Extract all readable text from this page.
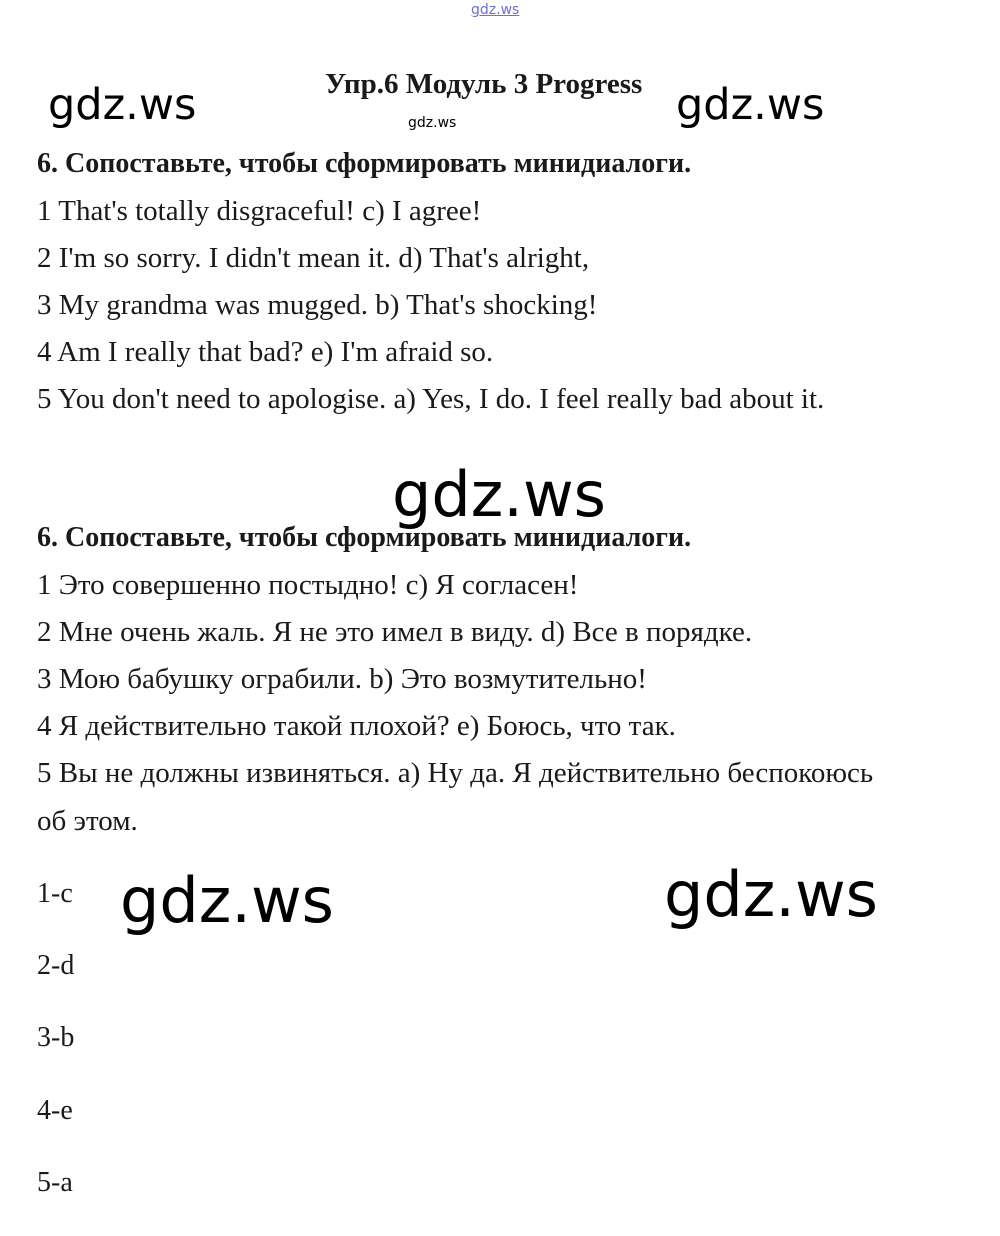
gdz.ws
gdz.ws	gdz.ws
gdz.ws
gdz.ws
gdz.ws	gdz.ws
Упр.6 Модуль 3 Progress
6. Сопоставьте, чтобы сформировать минидиалоги.
1 That's totally disgraceful! c) I agree!
2 I'm so sorry. I didn't mean it. d) That's alright,
3 My grandma was mugged. b) That's shocking!
4 Am I really that bad? e) I'm afraid so.
5 You don't need to apologise. a) Yes, I do. I feel really bad about it.
6. Сопоставьте, чтобы сформировать минидиалоги.
1 Это совершенно постыдно! c) Я согласен!
2 Мне очень жаль. Я не это имел в виду. d) Все в порядке.
3 Мою бабушку ограбили. b) Это возмутительно!
4 Я действительно такой плохой? e) Боюсь, что так.
5 Вы не должны извиняться. a) Ну да. Я действительно беспокоюсь
об этом.
1-c
2-d
3-b
4-e
5-a
